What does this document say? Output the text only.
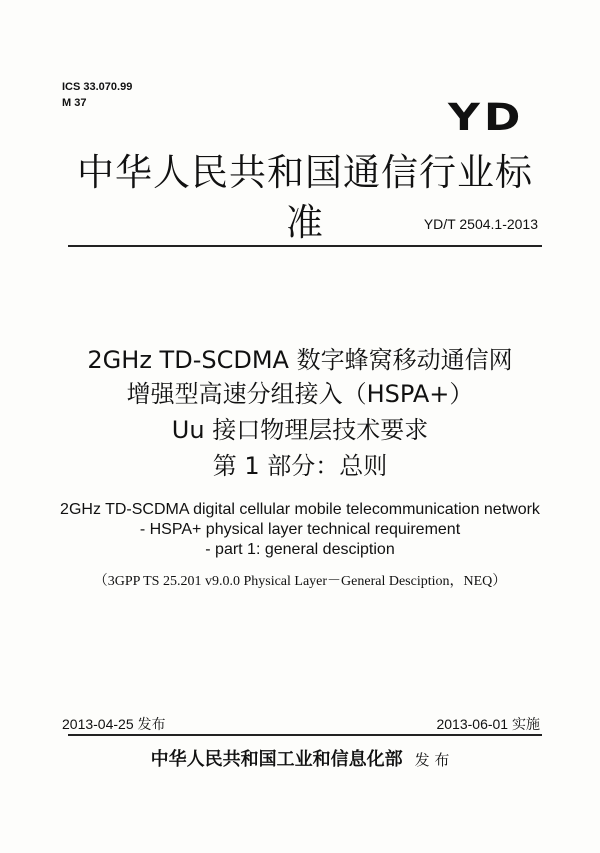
ICS 33.070.99
M 37	YD
中华人民共和国通信行业标准	YD/T 2504.1-2013
2GHz TD-SCDMA 数字蜂窝移动通信网
增强型高速分组接入（HSPA+）
Uu 接口物理层技术要求
第 1 部分：总则
2GHz TD-SCDMA digital cellular mobile telecommunication network
- HSPA+ physical layer technical requirement
- part 1: general desciption
（3GPP TS 25.201 v9.0.0 Physical Layer－General Desciption，NEQ）
2013-04-25 发布	2013-06-01 实施
中华人民共和国工业和信息化部 发 布
